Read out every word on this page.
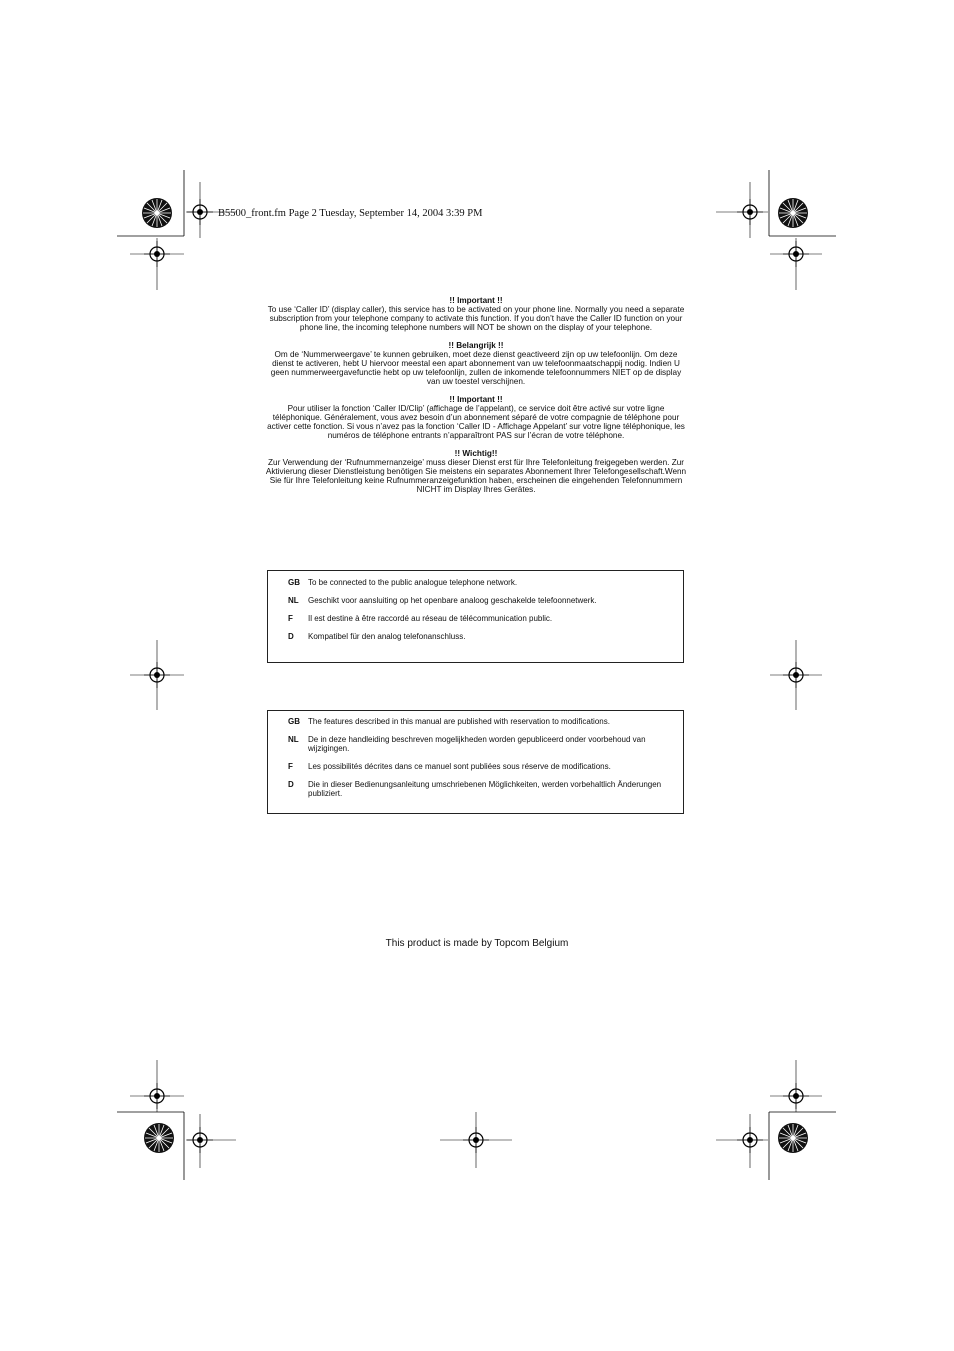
B5500_front.fm Page 2 Tuesday, September 14, 2004 3:39 PM
!! Important !!
To use ‘Caller ID’ (display caller), this service has to be activated on your phone line. Normally you need a separate subscription from your telephone company to activate this function. If you don’t have the Caller ID function on your phone line, the incoming telephone numbers will NOT be shown on the display of your telephone.
!! Belangrijk !!
Om de ‘Nummerweergave’ te kunnen gebruiken, moet deze dienst geactiveerd zijn op uw telefoonlijn. Om deze dienst te activeren, hebt U hiervoor meestal een apart abonnement van uw telefoonmaatschappij nodig. Indien U geen nummerweergavefunctie hebt op uw telefoonlijn, zullen de inkomende telefoonnummers NIET op de display van uw toestel verschijnen.
!! Important !!
Pour utiliser la fonction ‘Caller ID/Clip’ (affichage de l’appelant), ce service doit être activé sur votre ligne téléphonique. Généralement, vous avez besoin d’un abonnement séparé de votre compagnie de téléphone pour activer cette fonction. Si vous n’avez pas la fonction ‘Caller ID - Affichage Appelant’ sur votre ligne téléphonique, les numéros de téléphone entrants n’apparaîtront PAS sur l’écran de votre téléphone.
!! Wichtig!!
Zur Verwendung der ‘Rufnummernanzeige’ muss dieser Dienst erst für Ihre Telefonleitung freigegeben werden. Zur Aktivierung dieser Dienstleistung benötigen Sie meistens ein separates Abonnement Ihrer Telefongesellschaft.Wenn Sie für Ihre Telefonleitung keine Rufnummeranzeigefunktion haben, erscheinen die eingehenden Telefonnummern NICHT im Display Ihres Gerätes.
GB	To be connected to the public analogue telephone network.
NL	Geschikt voor aansluiting op het openbare analoog geschakelde telefoonnetwerk.
F	Il est destine à être raccordé au réseau de télécommunication public.
D	Kompatibel für den analog telefonanschluss.
GB	The features described in this manual are published with reservation to modifications.
NL	De in deze handleiding beschreven mogelijkheden worden gepubliceerd onder voorbehoud van wijzigingen.
F	Les possibilités décrites dans ce manuel sont publiées sous réserve de modifications.
D	Die in dieser Bedienungsanleitung umschriebenen Möglichkeiten, werden vorbehaltlich Änderungen publiziert.
This product is made by Topcom Belgium
